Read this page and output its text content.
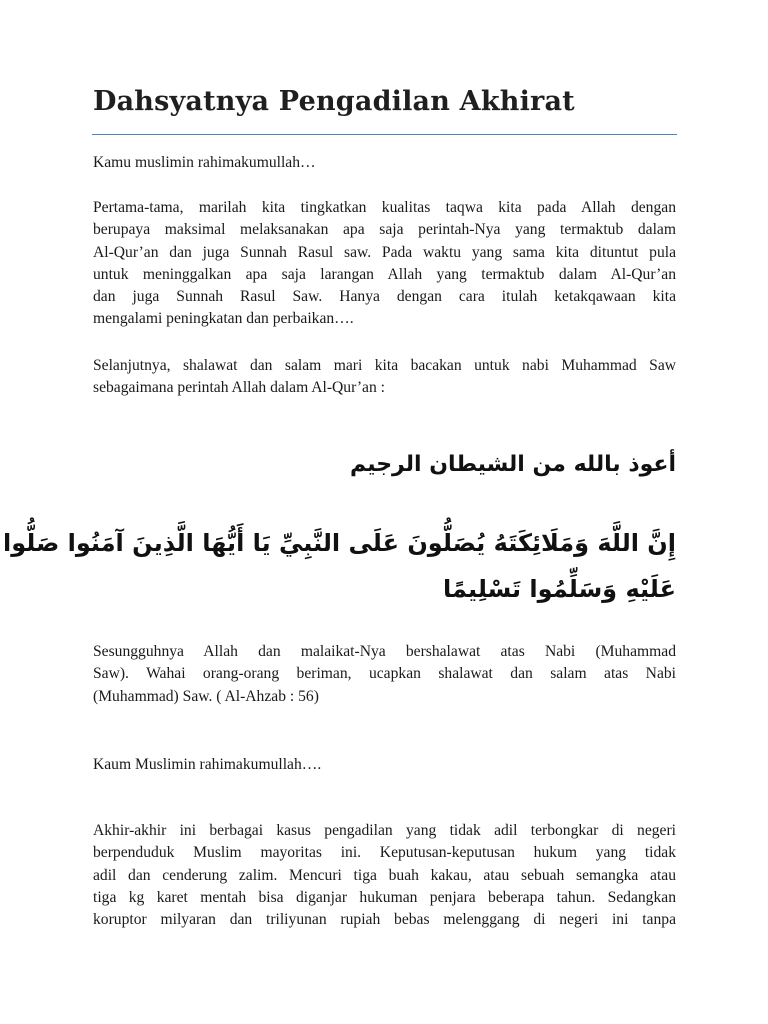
Dahsyatnya Pengadilan Akhirat
Kamu muslimin rahimakumullah…
Pertama-tama, marilah kita tingkatkan kualitas taqwa kita pada Allah dengan
berupaya maksimal melaksanakan apa saja perintah-Nya yang termaktub dalam
Al-Qur’an dan juga Sunnah Rasul saw. Pada waktu yang sama kita dituntut pula
untuk meninggalkan apa saja larangan Allah yang termaktub dalam Al-Qur’an
dan juga Sunnah Rasul Saw. Hanya dengan cara itulah ketakqawaan kita
mengalami peningkatan dan perbaikan….
Selanjutnya, shalawat dan salam mari kita bacakan untuk nabi Muhammad Saw
sebagaimana perintah Allah dalam Al-Qur’an :
أعوذ بالله من الشيطان الرجيم
إِنَّ اللَّهَ وَمَلَائِكَتَهُ يُصَلُّونَ عَلَى النَّبِيِّ يَا أَيُّهَا الَّذِينَ آمَنُوا صَلُّوا
عَلَيْهِ وَسَلِّمُوا تَسْلِيمًا
Sesungguhnya Allah dan malaikat-Nya bershalawat atas Nabi (Muhammad
Saw). Wahai orang-orang beriman, ucapkan shalawat dan salam atas Nabi
(Muhammad) Saw. ( Al-Ahzab : 56)
Kaum Muslimin rahimakumullah….
Akhir-akhir ini berbagai kasus pengadilan yang tidak adil terbongkar di negeri
berpenduduk Muslim mayoritas ini. Keputusan-keputusan hukum yang tidak
adil dan cenderung zalim. Mencuri tiga buah kakau, atau sebuah semangka atau
tiga kg karet mentah bisa diganjar hukuman penjara beberapa tahun. Sedangkan
koruptor milyaran dan triliyunan rupiah bebas melenggang di negeri ini tanpa
